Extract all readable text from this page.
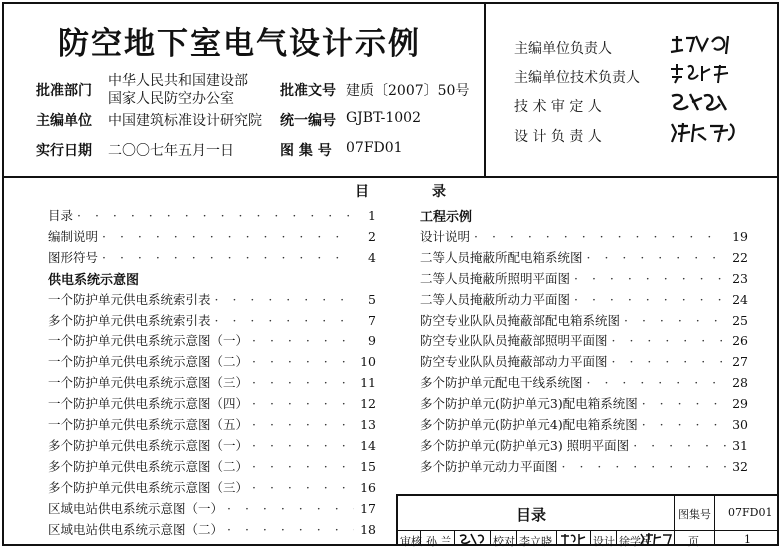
防空地下室电气设计示例
批准部门
中华人民共和国建设部
国家人民防空办公室	批准文号 建质〔2007〕50号
主编单位 中国建筑标准设计研究院 统一编号 GJBT-1002
实行日期 二〇〇七年五月一日	图 集 号 07FD01
主编单位负责人
主编单位技术负责人
技 术 审 定 人
设 计 负 责 人
目	录
目录 · · ·	1
编制说明 · · ·	2
图形符号 · · ·	4
供电系统示意图
一个防护单元供电系统索引表 · · ·	5
多个防护单元供电系统索引表 · · ·	7
一个防护单元供电系统示意图（一） · · ·	9
一个防护单元供电系统示意图（二） · · ·	10
一个防护单元供电系统示意图（三） · · ·	11
一个防护单元供电系统示意图（四） · · ·	12
一个防护单元供电系统示意图（五） · · ·	13
多个防护单元供电系统示意图（一） · · ·	14
多个防护单元供电系统示意图（二） · · ·	15
多个防护单元供电系统示意图（三） · · ·	16
区域电站供电系统示意图（一） · · ·	17
区域电站供电系统示意图（二） · · ·	18
工程示例
设计说明 · · ·	19
二等人员掩蔽所配电箱系统图 · · ·	22
二等人员掩蔽所照明平面图 · · ·	23
二等人员掩蔽所动力平面图 · · ·	24
防空专业队队员掩蔽部配电箱系统图 · · ·	25
防空专业队队员掩蔽部照明平面图 · · ·	26
防空专业队队员掩蔽部动力平面图 · · ·	27
多个防护单元配电干线系统图 · · ·	28
多个防护单元(防护单元3)配电箱系统图 · · ·	29
多个防护单元(防护单元4)配电箱系统图 · · ·	30
多个防护单元(防护单元3) 照明平面图 · · ·	31
多个防护单元动力平面图 · · ·	32
目录	图集号 07FD01
审核 孙 兰	校对 李立晓	设计 徐学民	页	1
